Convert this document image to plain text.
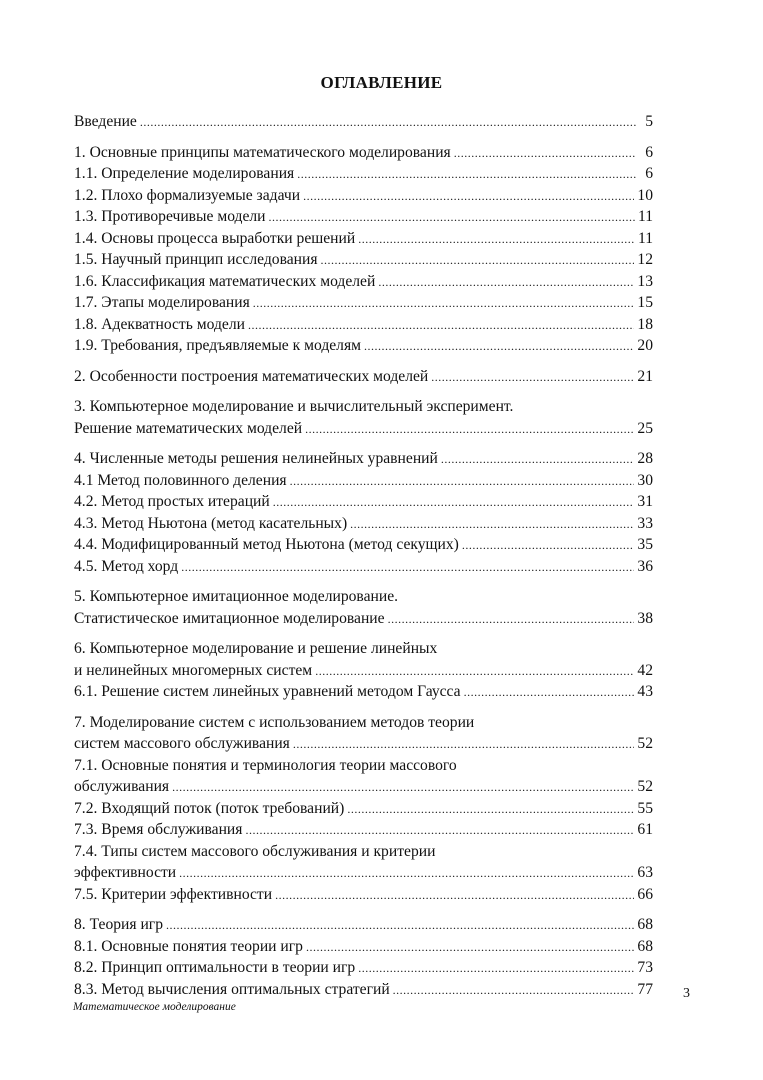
ОГЛАВЛЕНИЕ
Введение .....	5
1. Основные принципы математического моделирования .....	6
1.1. Определение моделирования .....	6
1.2. Плохо формализуемые задачи .....	10
1.3. Противоречивые модели .....	11
1.4. Основы процесса выработки решений .....	11
1.5. Научный принцип исследования .....	12
1.6. Классификация математических моделей .....	13
1.7. Этапы моделирования .....	15
1.8. Адекватность модели .....	18
1.9. Требования, предъявляемые к моделям .....	20
2. Особенности построения математических моделей .....	21
3. Компьютерное моделирование и вычислительный эксперимент.
Решение математических моделей .....	25
4. Численные методы решения нелинейных уравнений .....	28
4.1 Метод половинного деления .....	30
4.2. Метод простых итераций .....	31
4.3. Метод Ньютона (метод касательных) .....	33
4.4. Модифицированный метод Ньютона (метод секущих) .....	35
4.5. Метод хорд .....	36
5. Компьютерное имитационное моделирование.
Статистическое имитационное моделирование .....	38
6. Компьютерное моделирование и решение линейных
и нелинейных многомерных систем .....	42
6.1. Решение систем линейных уравнений методом Гаусса .....	43
7. Моделирование систем с использованием методов теории
систем массового обслуживания .....	52
7.1. Основные понятия и терминология теории массового
обслуживания .....	52
7.2. Входящий поток (поток требований) .....	55
7.3. Время обслуживания .....	61
7.4. Типы систем массового обслуживания и критерии
эффективности .....	63
7.5. Критерии эффективности .....	66
8. Теория игр .....	68
8.1. Основные понятия теории игр .....	68
8.2. Принцип оптимальности в теории игр .....	73
8.3. Метод вычисления оптимальных стратегий .....	77 3
Математическое моделирование
